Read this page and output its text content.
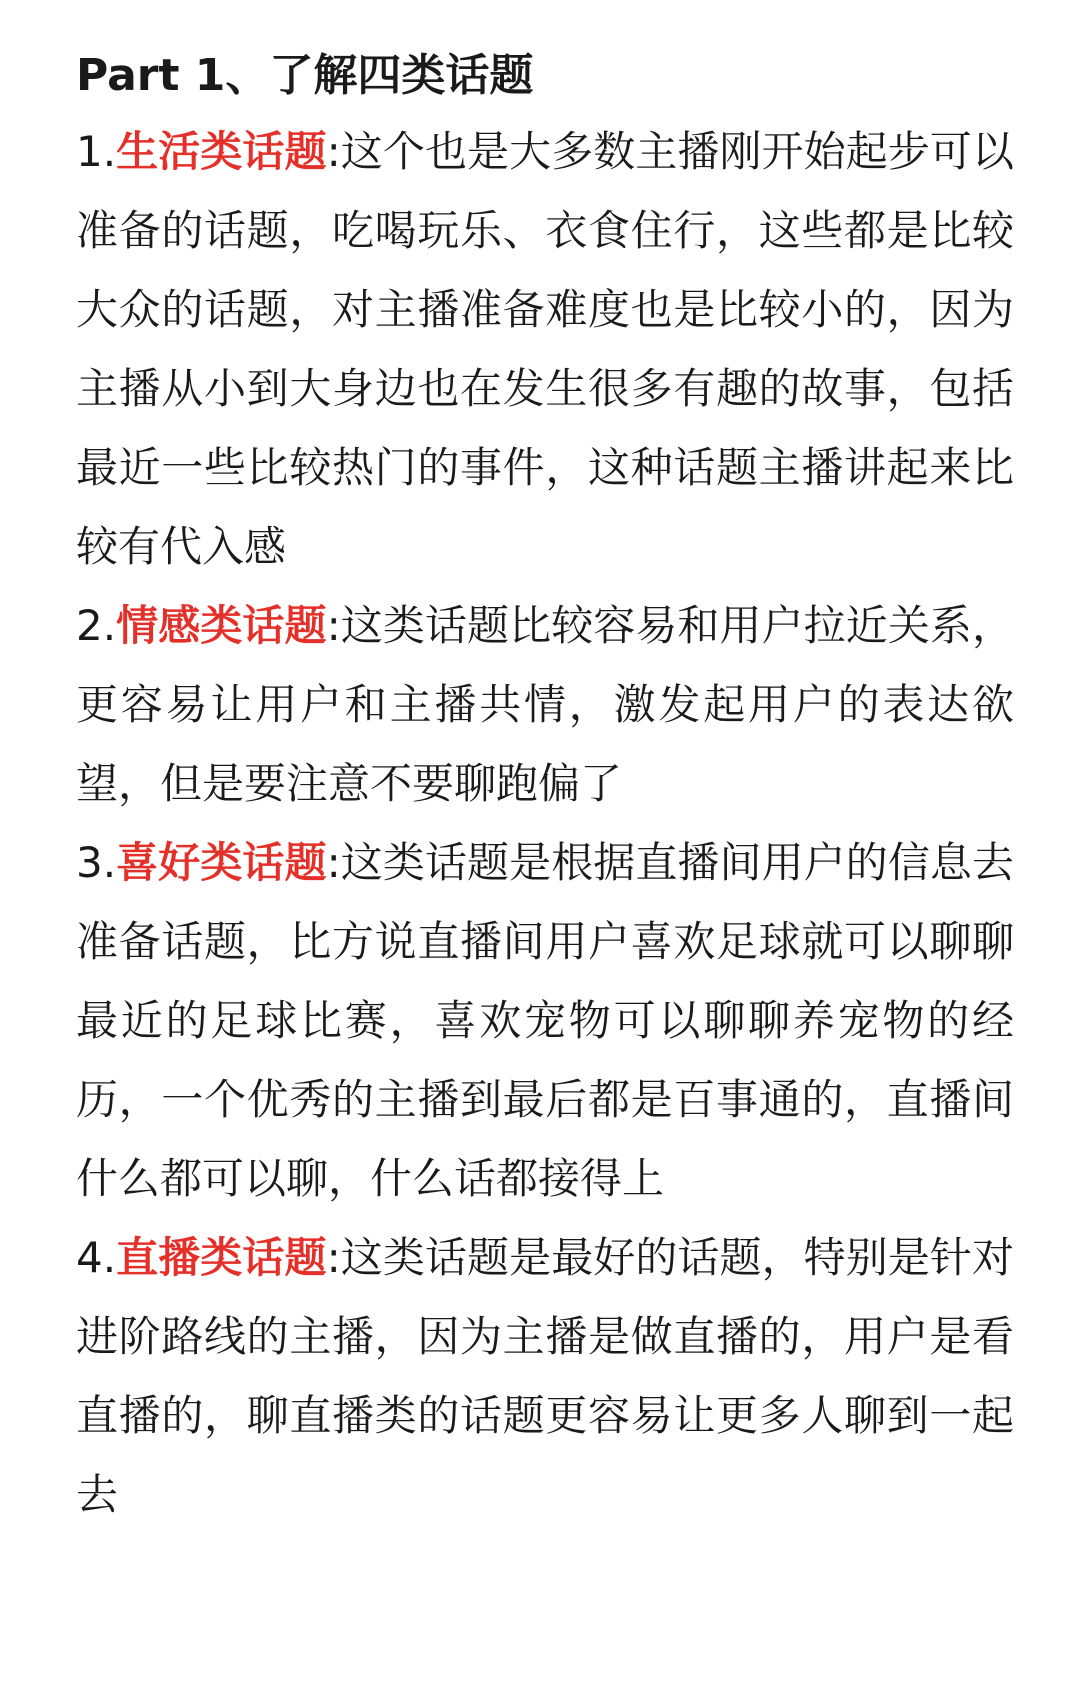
Part 1、了解四类话题

1.生活类话题:这个也是大多数主播刚开始起步可以准备的话题，吃喝玩乐、衣食住行，这些都是比较大众的话题，对主播准备难度也是比较小的，因为主播从小到大身边也在发生很多有趣的故事，包括最近一些比较热门的事件，这种话题主播讲起来比较有代入感

2.情感类话题:这类话题比较容易和用户拉近关系，更容易让用户和主播共情，激发起用户的表达欲望，但是要注意不要聊跑偏了

3.喜好类话题:这类话题是根据直播间用户的信息去准备话题，比方说直播间用户喜欢足球就可以聊聊最近的足球比赛，喜欢宠物可以聊聊养宠物的经历，一个优秀的主播到最后都是百事通的，直播间什么都可以聊，什么话都接得上

4.直播类话题:这类话题是最好的话题，特别是针对进阶路线的主播，因为主播是做直播的，用户是看直播的，聊直播类的话题更容易让更多人聊到一起去
